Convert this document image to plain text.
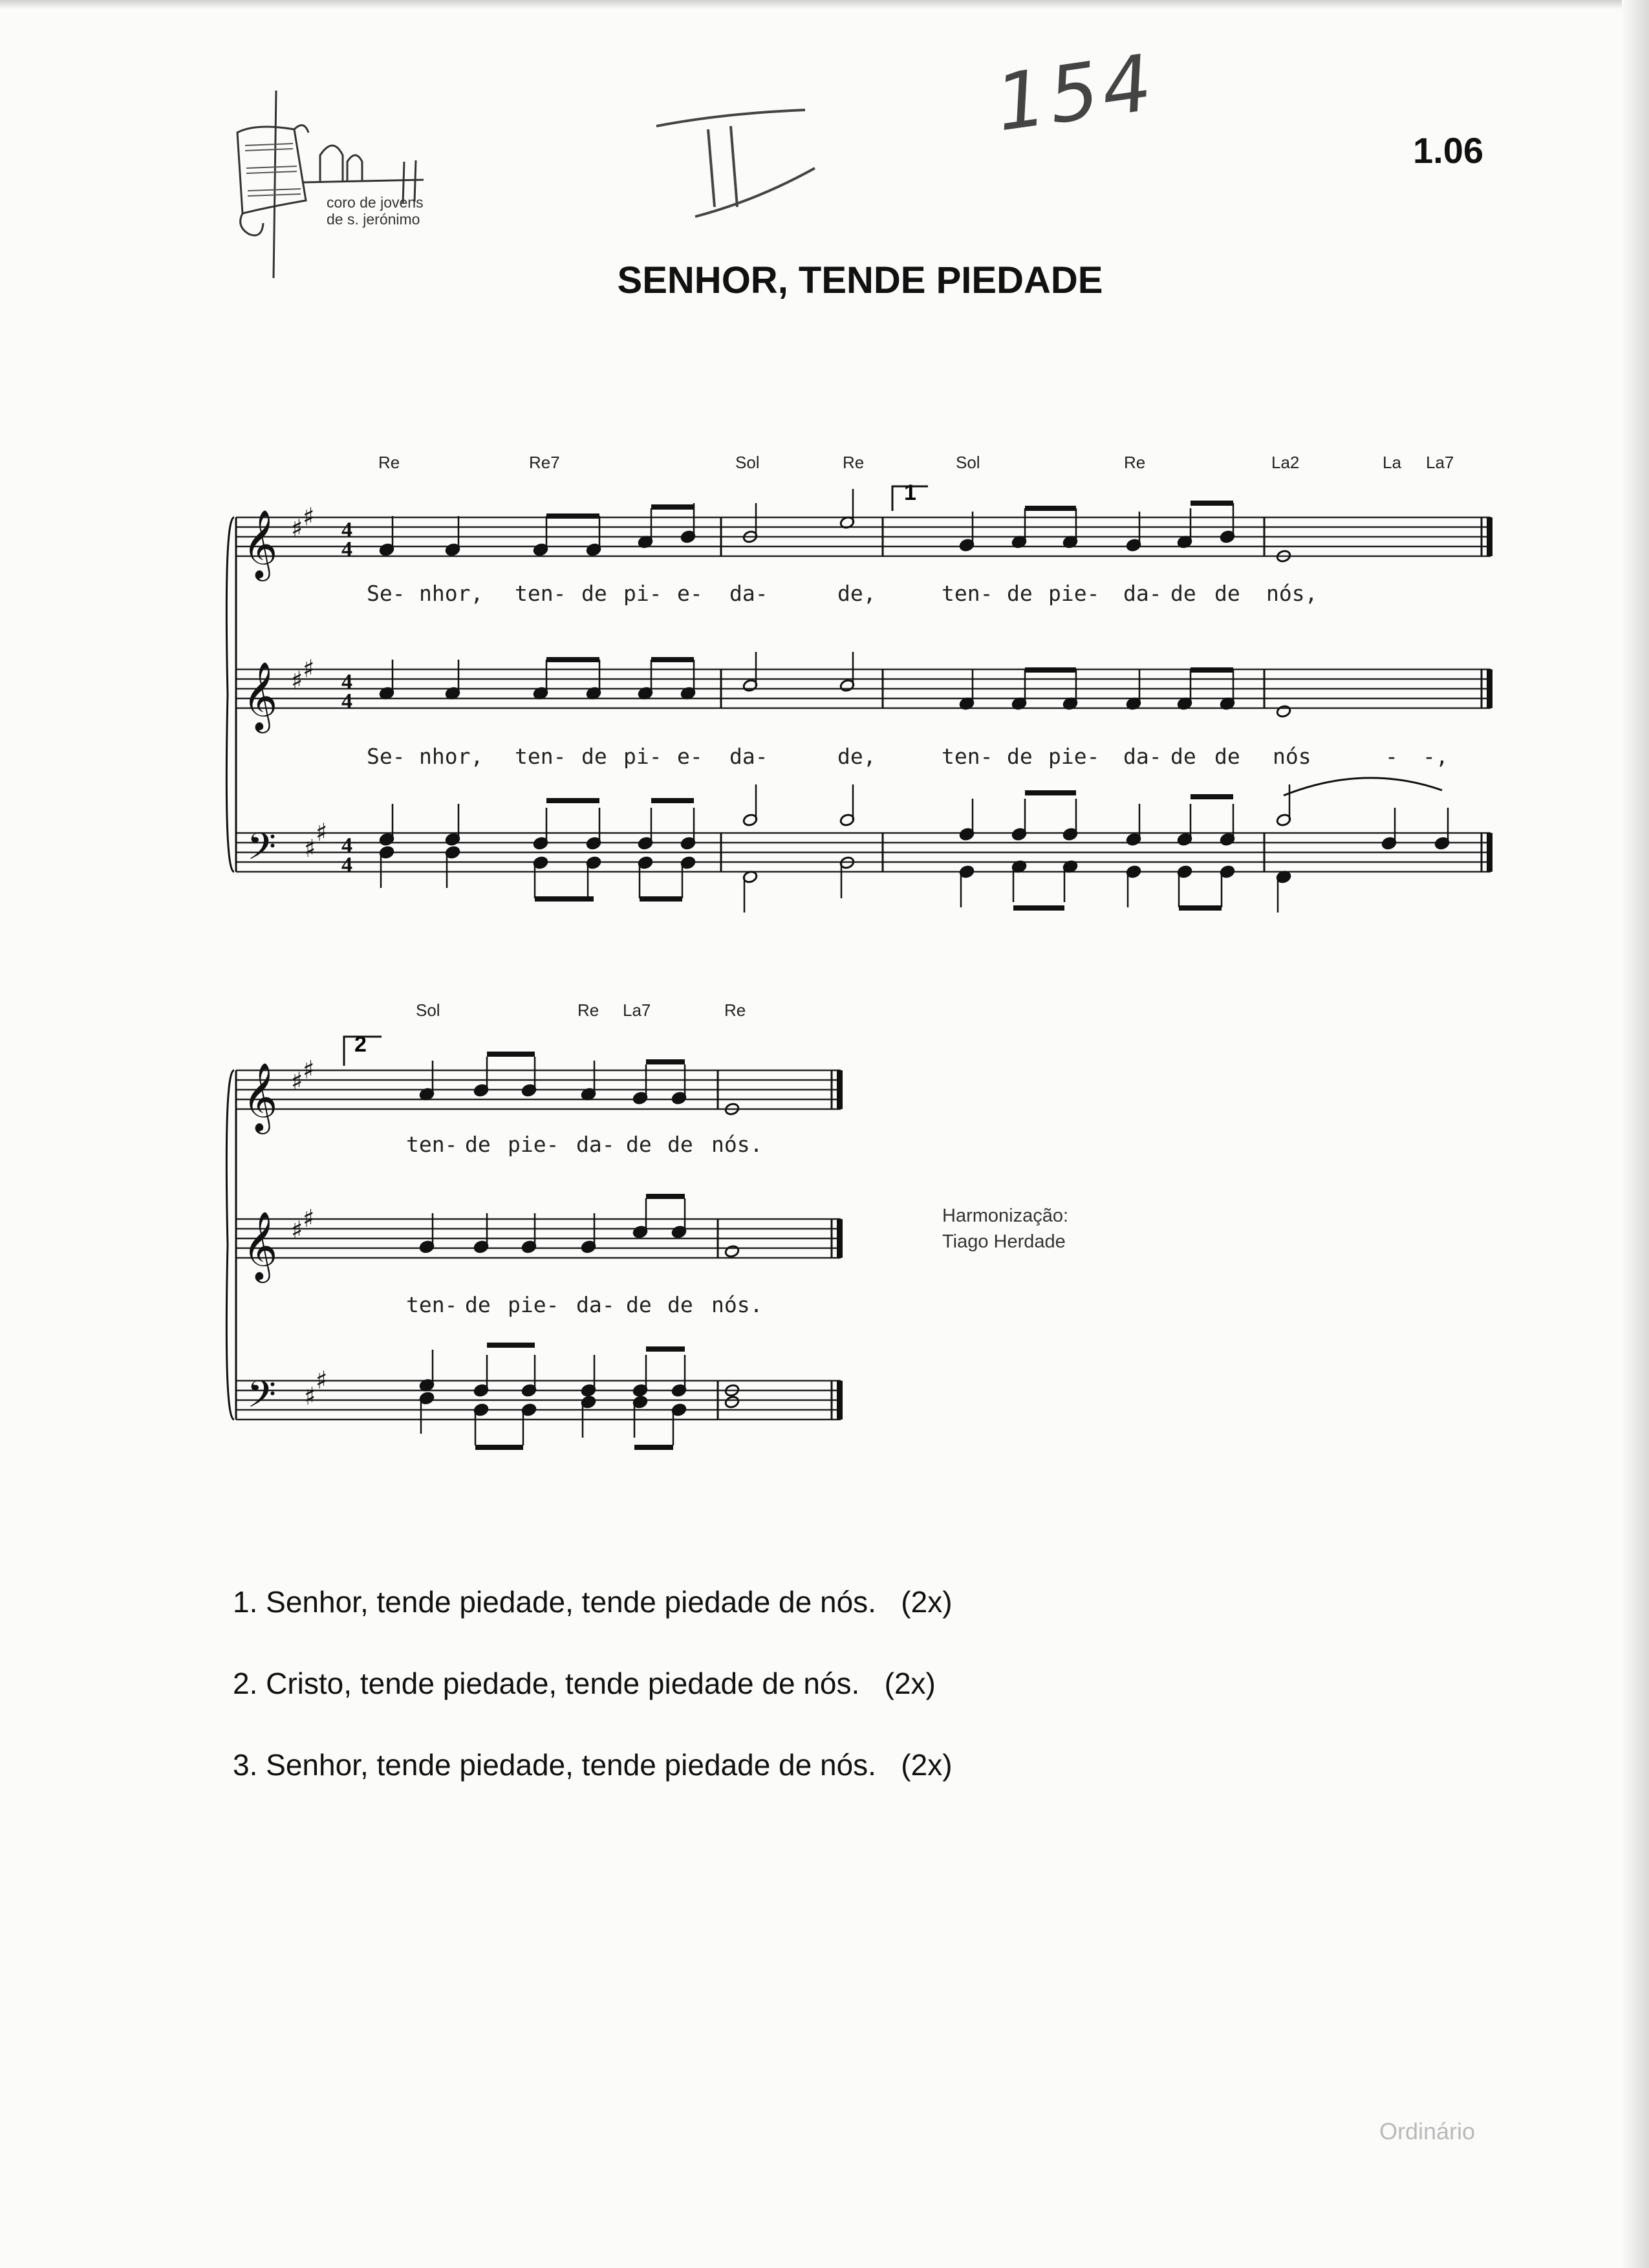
coro de jovens
de s. jerónimo
II	154
1.06
SENHOR, TENDE PIEDADE
Re	Re7	Sol	Re	Sol	Re	La2	La La7
Sol	Re La7	Re
Se- nhor, ten- de pi- e- da-	de,	ten- de pie- da- de de nós,
Se- nhor, ten- de pi- e- da-	de,	ten- de pie- da- de de nós	- -,
ten- de pie- da- de de nós.
ten- de pie- da- de de nós.
1
2
𝄞
𝄞
𝄢
♯ ♯
♯ ♯
♯
♯
4
4
4
4
4
4
𝄞
𝄞
𝄢
♯ ♯
♯ ♯
♯
♯
Harmonização:
Tiago Herdade
1. Senhor, tende piedade, tende piedade de nós.   (2x)
2. Cristo, tende piedade, tende piedade de nós.   (2x)
3. Senhor, tende piedade, tende piedade de nós.   (2x)
Ordinário
